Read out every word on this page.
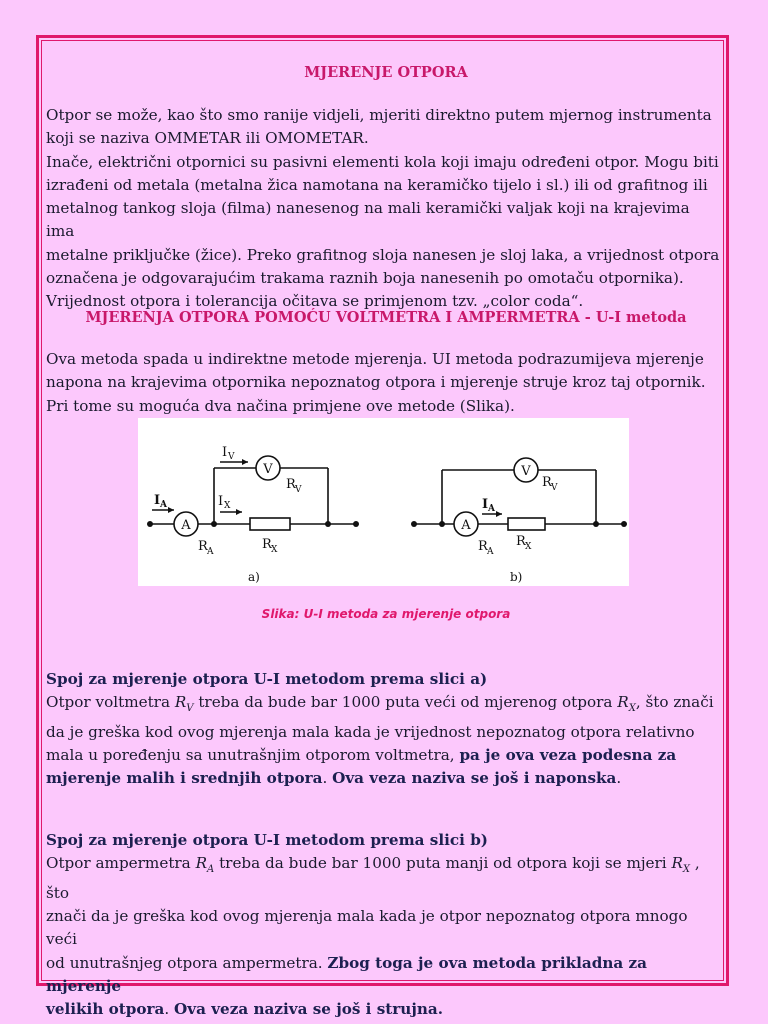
MJERENJE OTPORA
Otpor se može, kao što smo ranije vidjeli, mjeriti direktno putem mjernog instrumenta
koji se naziva OMMETAR ili OMOMETAR.
Inače, električni otpornici su pasivni elementi kola koji imaju određeni otpor. Mogu biti
izrađeni od metala (metalna žica namotana na keramičko tijelo i sl.) ili od grafitnog ili
metalnog tankog sloja (filma) nanesenog na mali keramički valjak koji na krajevima ima
metalne priključke (žice). Preko grafitnog sloja nanesen je sloj laka, a vrijednost otpora
označena je odgovarajućim trakama raznih boja nanesenih po omotaču otpornika).
Vrijednost otpora i tolerancija očitava se primjenom tzv. „color coda“.
MJERENJA OTPORA POMOĆU VOLTMETRA I AMPERMETRA - U-I metoda
Ova metoda spada u indirektne metode mjerenja. UI metoda podrazumijeva mjerenje
napona na krajevima otpornika nepoznatog otpora i mjerenje struje kroz taj otpornik.
Pri tome su moguća dva načina primjene ove metode (Slika).
A
V
A
V
I A
I V
I X
R V
R A	R X
a)
R V
I A
R A
R X
b)
Slika: U-I metoda za mjerenje otpora
Spoj za mjerenje otpora U-I metodom prema slici a)
Otpor voltmetra $R_V$ treba da bude bar 1000 puta veći od mjerenog otpora $R_X$, što znači
da je greška kod ovog mjerenja mala kada je vrijednost nepoznatog otpora relativno
mala u poređenju sa unutrašnjim otporom voltmetra, pa je ova veza podesna za
mjerenje malih i srednjih otpora. Ova veza naziva se još i naponska.
Spoj za mjerenje otpora U-I metodom prema slici b)
Otpor ampermetra $R_A$ treba da bude bar 1000 puta manji od otpora koji se mjeri $R_X$ , što
znači da je greška kod ovog mjerenja mala kada je otpor nepoznatog otpora mnogo veći
od unutrašnjeg otpora ampermetra. Zbog toga je ova metoda prikladna za mjerenje
velikih otpora. Ova veza naziva se još i strujna.
